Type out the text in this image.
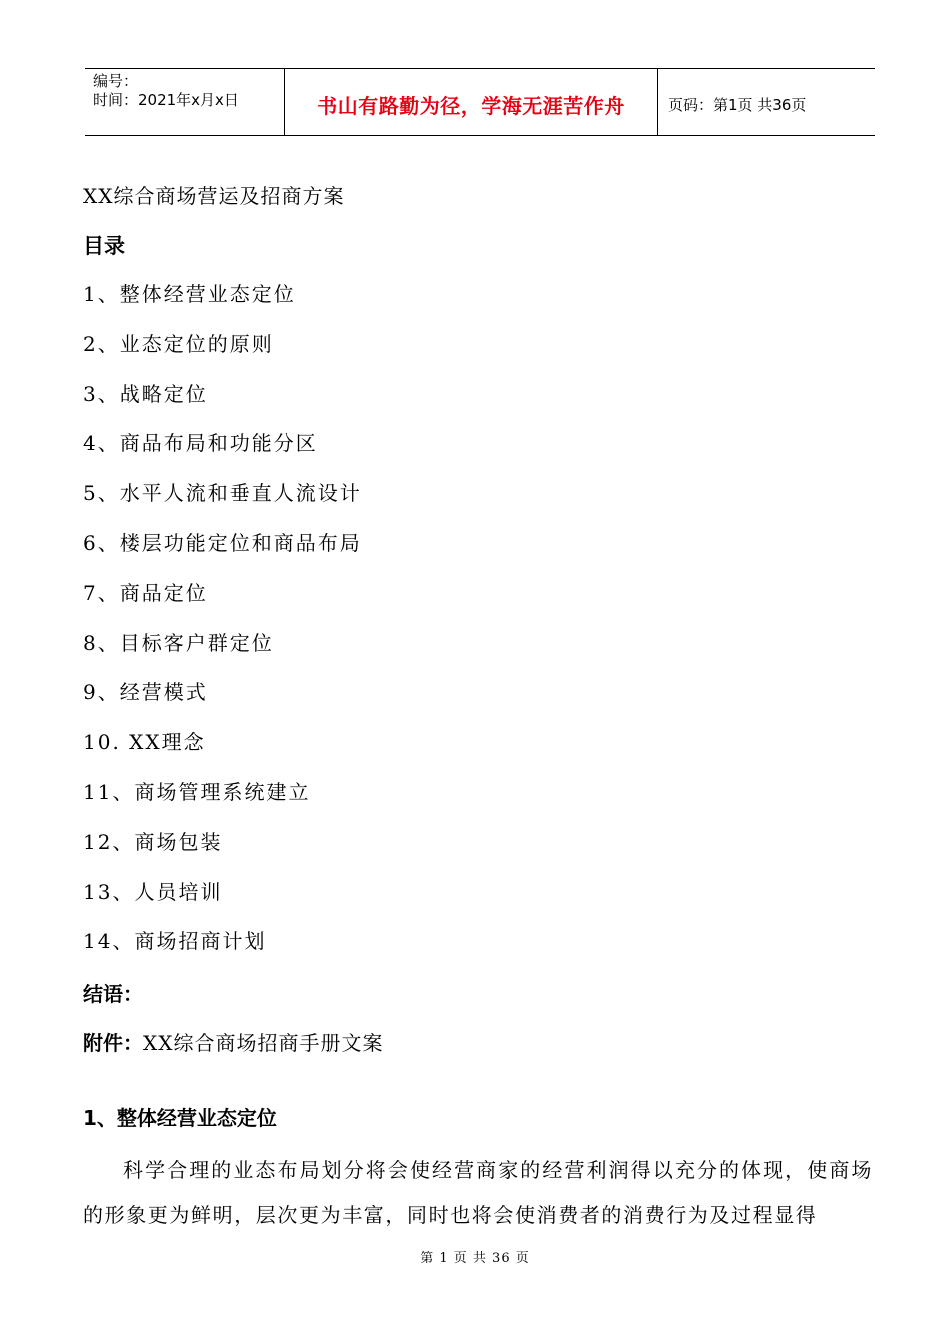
编号：
时间：2021年x月x日	书山有路勤为径，学海无涯苦作舟	页码：第1页 共36页
XX综合商场营运及招商方案
目录
1、整体经营业态定位
2、业态定位的原则
3、战略定位
4、商品布局和功能分区
5、水平人流和垂直人流设计
6、楼层功能定位和商品布局
7、商品定位
8、目标客户群定位
9、经营模式
10. XX理念
11、商场管理系统建立
12、商场包装
13、人员培训
14、商场招商计划
结语：
附件：XX综合商场招商手册文案
1、整体经营业态定位

科学合理的业态布局划分将会使经营商家的经营利润得以充分的体现，使商场的形象更为鲜明，层次更为丰富，同时也将会使消费者的消费行为及过程显得

第 1 页 共 36 页
